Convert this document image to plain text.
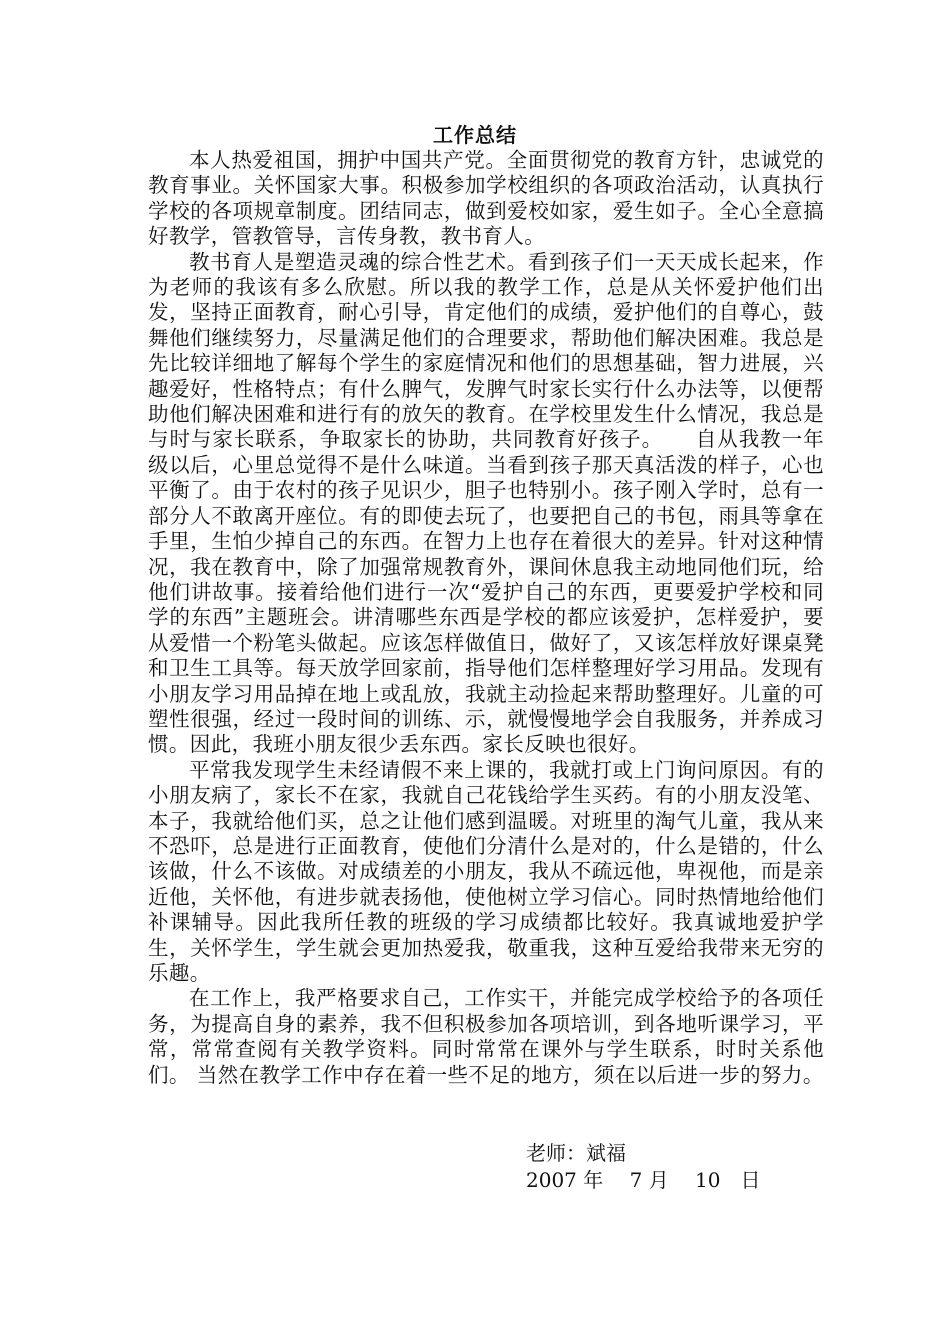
工作总结

本人热爱祖国，拥护中国共产党。全面贯彻党的教育方针，忠诚党的教育事业。关怀国家大事。积极参加学校组织的各项政治活动，认真执行学校的各项规章制度。团结同志，做到爱校如家，爱生如子。全心全意搞好教学，管教管导，言传身教，教书育人。

教书育人是塑造灵魂的综合性艺术。看到孩子们一天天成长起来，作为老师的我该有多么欣慰。所以我的教学工作，总是从关怀爱护他们出发，坚持正面教育，耐心引导，肯定他们的成绩，爱护他们的自尊心，鼓舞他们继续努力，尽量满足他们的合理要求，帮助他们解决困难。我总是先比较详细地了解每个学生的家庭情况和他们的思想基础，智力进展，兴趣爱好，性格特点；有什么脾气，发脾气时家长实行什么办法等，以便帮助他们解决困难和进行有的放矢的教育。在学校里发生什么情况，我总是与时与家长联系，争取家长的协助，共同教育好孩子。　　自从我教一年级以后，心里总觉得不是什么味道。当看到孩子那天真活泼的样子，心也平衡了。由于农村的孩子见识少，胆子也特别小。孩子刚入学时，总有一部分人不敢离开座位。有的即使去玩了，也要把自己的书包，雨具等拿在手里，生怕少掉自己的东西。在智力上也存在着很大的差异。针对这种情况，我在教育中，除了加强常规教育外，课间休息我主动地同他们玩，给他们讲故事。接着给他们进行一次“爱护自己的东西，更要爱护学校和同学的东西”主题班会。讲清哪些东西是学校的都应该爱护，怎样爱护，要从爱惜一个粉笔头做起。应该怎样做值日，做好了，又该怎样放好课桌凳和卫生工具等。每天放学回家前，指导他们怎样整理好学习用品。发现有小朋友学习用品掉在地上或乱放，我就主动捡起来帮助整理好。儿童的可塑性很强，经过一段时间的训练、示，就慢慢地学会自我服务，并养成习惯。因此，我班小朋友很少丢东西。家长反映也很好。

平常我发现学生未经请假不来上课的，我就打或上门询问原因。有的小朋友病了，家长不在家，我就自己花钱给学生买药。有的小朋友没笔、本子，我就给他们买，总之让他们感到温暖。对班里的淘气儿童，我从来不恐吓，总是进行正面教育，使他们分清什么是对的，什么是错的，什么该做，什么不该做。对成绩差的小朋友，我从不疏远他，卑视他，而是亲近他，关怀他，有进步就表扬他，使他树立学习信心。同时热情地给他们补课辅导。因此我所任教的班级的学习成绩都比较好。我真诚地爱护学生，关怀学生，学生就会更加热爱我，敬重我，这种互爱给我带来无穷的乐趣。

在工作上，我严格要求自己，工作实干，并能完成学校给予的各项任务，为提高自身的素养，我不但积极参加各项培训，到各地听课学习，平常，常常查阅有关教学资料。同时常常在课外与学生联系，时时关系他 们。 当然在教学工作中存在着一些不足的地方，须在以后进一步的努力。

老师：斌福
2007 年　 7 月　 10　日
